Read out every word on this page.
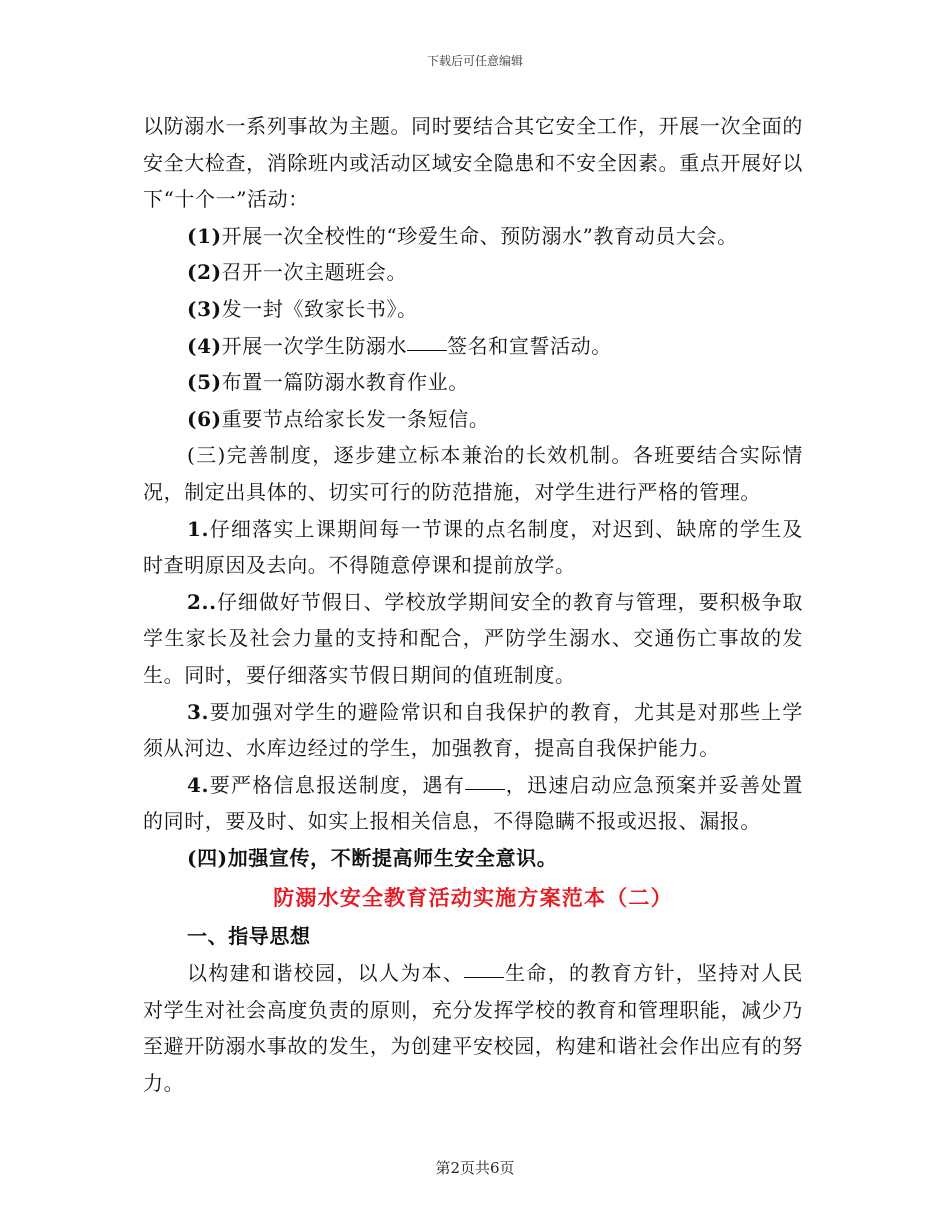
下载后可任意编辑

以防溺水一系列事故为主题。同时要结合其它安全工作，开展一次全面的安全大检查，消除班内或活动区域安全隐患和不安全因素。重点开展好以下“十个一”活动：

(1)开展一次全校性的“珍爱生命、预防溺水”教育动员大会。

(2)召开一次主题班会。

(3)发一封《致家长书》。

(4)开展一次学生防溺水 签名和宣誓活动。

(5)布置一篇防溺水教育作业。

(6)重要节点给家长发一条短信。

(三)完善制度，逐步建立标本兼治的长效机制。各班要结合实际情况，制定出具体的、切实可行的防范措施，对学生进行严格的管理。

1.仔细落实上课期间每一节课的点名制度，对迟到、缺席的学生及时查明原因及去向。不得随意停课和提前放学。

2..仔细做好节假日、学校放学期间安全的教育与管理，要积极争取学生家长及社会力量的支持和配合，严防学生溺水、交通伤亡事故的发生。同时，要仔细落实节假日期间的值班制度。

3.要加强对学生的避险常识和自我保护的教育，尤其是对那些上学须从河边、水库边经过的学生，加强教育，提高自我保护能力。

4.要严格信息报送制度，遇有 ，迅速启动应急预案并妥善处置的同时，要及时、如实上报相关信息，不得隐瞒不报或迟报、漏报。

(四)加强宣传，不断提高师生安全意识。

防溺水安全教育活动实施方案范本（二）

一、指导思想

以构建和谐校园，以人为本、 生命，的教育方针，坚持对人民对学生对社会高度负责的原则，充分发挥学校的教育和管理职能，减少乃至避开防溺水事故的发生，为创建平安校园，构建和谐社会作出应有的努力。

第2页共6页
